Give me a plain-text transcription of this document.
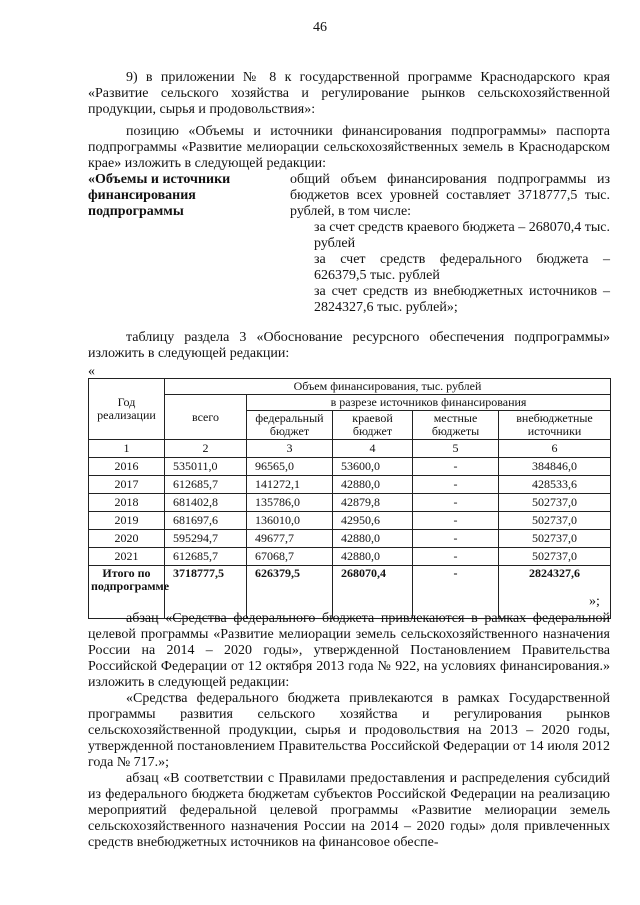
46
9) в приложении № 8 к государственной программе Краснодарского края «Развитие сельского хозяйства и регулирование рынков сельскохозяйственной продукции, сырья и продовольствия»:
позицию «Объемы и источники финансирования подпрограммы» паспорта подпрограммы «Развитие мелиорации сельскохозяйственных земель в Краснодарском крае» изложить в следующей редакции:
«Объемы и источники финансирования подпрограммы

общий объем финансирования подпрограммы из бюджетов всех уровней составляет 3718777,5 тыс. рублей, в том числе:

за счет средств краевого бюджета – 268070,4 тыс. рублей

за счет средств федерального бюджета – 626379,5 тыс. рублей

за счет средств из внебюджетных источников – 2824327,6 тыс. рублей»;

таблицу раздела 3 «Обоснование ресурсного обеспечения подпрограммы» изложить в следующей редакции:
«
Год реализации	Объем финансирования, тыс. рублей				
	всего	в разрезе источников финансирования			
		федеральный бюджет	краевой бюджет	местные бюджеты	внебюджетные источники
1	2	3	4	5	6
2016	535011,0	96565,0	53600,0	-	384846,0
2017	612685,7	141272,1	42880,0	-	428533,6
2018	681402,8	135786,0	42879,8	-	502737,0
2019	681697,6	136010,0	42950,6	-	502737,0
2020	595294,7	49677,7	42880,0	-	502737,0
2021	612685,7	67068,7	42880,0	-	502737,0
Итого по подпрограмме	3718777,5	626379,5	268070,4	-	2824327,6
»;
абзац «Средства федерального бюджета привлекаются в рамках федеральной целевой программы «Развитие мелиорации земель сельскохозяйственного назначения России на 2014 – 2020 годы», утвержденной Постановлением Правительства Российской Федерации от 12 октября 2013 года № 922, на условиях финансирования.» изложить в следующей редакции:
«Средства федерального бюджета привлекаются в рамках Государственной программы развития сельского хозяйства и регулирования рынков сельскохозяйственной продукции, сырья и продовольствия на 2013 – 2020 годы, утвержденной постановлением Правительства Российской Федерации от 14 июля 2012 года № 717.»;
абзац «В соответствии с Правилами предоставления и распределения субсидий из федерального бюджета бюджетам субъектов Российской Федерации на реализацию мероприятий федеральной целевой программы «Развитие мелиорации земель сельскохозяйственного назначения России на 2014 – 2020 годы» доля привлеченных средств внебюджетных источников на финансовое обеспе-
